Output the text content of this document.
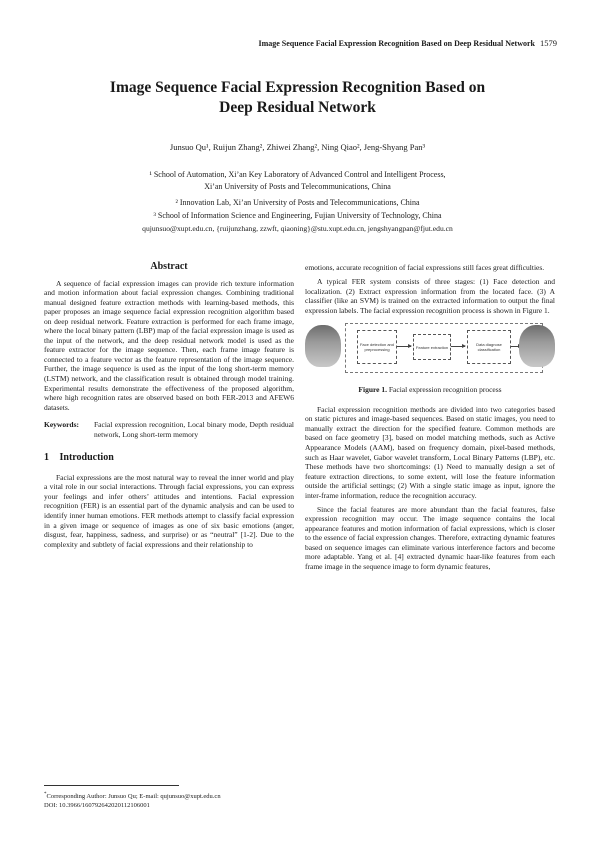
Image Sequence Facial Expression Recognition Based on Deep Residual Network 1579
Image Sequence Facial Expression Recognition Based on
Deep Residual Network
Junsuo Qu¹, Ruijun Zhang², Zhiwei Zhang², Ning Qiao², Jeng-Shyang Pan³
¹ School of Automation, Xi’an Key Laboratory of Advanced Control and Intelligent Process,
Xi’an University of Posts and Telecommunications, China
² Innovation Lab, Xi’an University of Posts and Telecommunications, China
³ School of Information Science and Engineering, Fujian University of Technology, China
qujunsuo@xupt.edu.cn, {ruijunzhang, zzwft, qiaoning}@stu.xupt.edu.cn, jengshyangpan@fjut.edu.cn
Abstract

A sequence of facial expression images can provide rich texture information and motion information about facial expression changes. Combining traditional manual designed feature extraction methods with learning-based methods, this paper proposes an image sequence facial expression recognition algorithm based on deep residual network. Feature extraction is performed for each frame image, where the local binary pattern (LBP) map of the facial expression image is used as the input of the network, and the deep residual network model is used as the feature extractor for the image sequence. Then, each frame image feature is connected to a feature vector as the feature representation of the image sequence. Further, the image sequence is used as the input of the long short-term memory (LSTM) network, and the classification result is obtained through model training. Experimental results demonstrate the effectiveness of the proposed algorithm, where high recognition rates are observed based on both FER-2013 and AFEW6 datasets.

Keywords:	Facial expression recognition, Local binary mode, Depth residual network, Long short-term memory
1 Introduction

Facial expressions are the most natural way to reveal the inner world and play a vital role in our social interactions. Through facial expressions, you can express your feelings and infer others’ attitudes and intentions. Facial expression recognition (FER) is an essential part of the dynamic analysis and can be used to identify inner human emotions. FER methods attempt to classify facial expression in a given image or sequence of images as one of six basic emotions (anger, disgust, fear, happiness, sadness, and surprise) or as “neutral” [1-2]. Due to the complexity and subtlety of facial expressions and their relationship to

emotions, accurate recognition of facial expressions still faces great difficulties.

A typical FER system consists of three stages: (1) Face detection and localization. (2) Extract expression information from the located face. (3) A classifier (like an SVM) is trained on the extracted information to output the final expression labels. The facial expression recognition process is shown in Figure 1.

Face detection and preprocessing	Feature extraction	Data diagnose classification
Figure 1. Facial expression recognition process

Facial expression recognition methods are divided into two categories based on static pictures and image-based sequences. Based on static images, you need to manually extract the direction for the specified feature. Common methods are based on face geometry [3], based on model matching methods, such as Active Appearance Models (AAM), based on frequency domain, pixel-based methods, such as Haar wavelet, Gabor wavelet transform, Local Binary Patterns (LBP), etc. These methods have two shortcomings: (1) Need to manually design a set of feature extraction directions, to some extent, will lose the feature information outside the artificial settings; (2) With a single static image as input, ignore the inter-frame information, reduce the recognition accuracy.

Since the facial features are more abundant than the facial features, false expression recognition may occur. The image sequence contains the local appearance features and motion information of facial expressions, which is closer to the essence of facial expression changes. Therefore, extracting dynamic features based on sequence images can eliminate various interference factors and become more adaptable. Yang et al. [4] extracted dynamic haar-like features from each frame image in the sequence image to form dynamic features,

*Corresponding Author: Junsuo Qu; E-mail: qujunsuo@xupt.edu.cn
DOI: 10.3966/160792642020112106001
